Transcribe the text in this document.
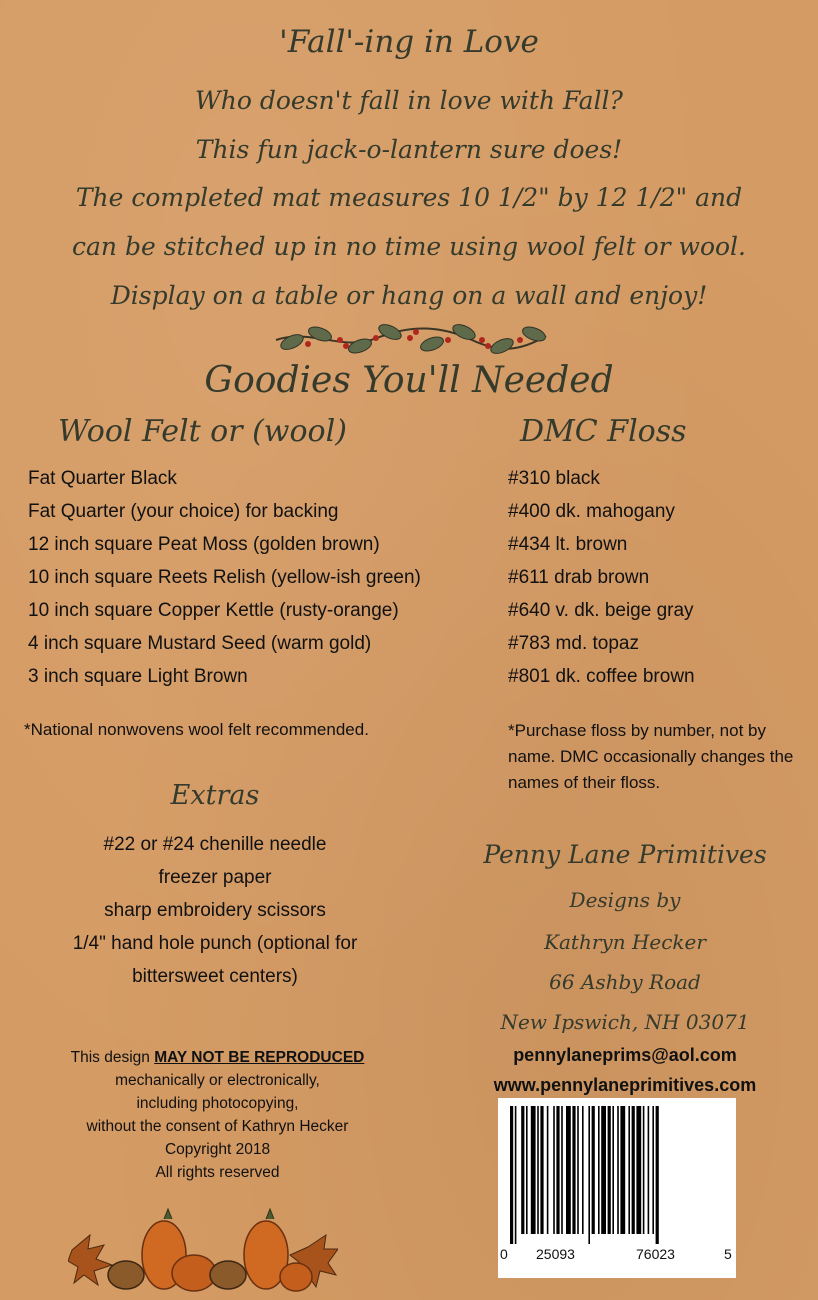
'Fall'-ing in Love
Who doesn't fall in love with Fall?
This fun jack-o-lantern sure does!
The completed mat measures 10 1/2" by 12 1/2" and
can be stitched up in no time using wool felt or wool.
Display on a table or hang on a wall and enjoy!
Goodies You'll Needed
Wool Felt or (wool)	DMC Floss
Fat Quarter Black
Fat Quarter (your choice) for backing
12 inch square Peat Moss (golden brown)
10 inch square Reets Relish (yellow-ish green)
10 inch square Copper Kettle (rusty-orange)
4 inch square Mustard Seed (warm gold)
3 inch square Light Brown
#310 black
#400 dk. mahogany
#434 lt. brown
#611 drab brown
#640 v. dk. beige gray
#783 md. topaz
#801 dk. coffee brown
*National nonwovens wool felt recommended.	*Purchase floss by number, not by name. DMC occasionally changes the names of their floss.
Extras
#22 or #24 chenille needle
freezer paper
sharp embroidery scissors
1/4" hand hole punch (optional for
bittersweet centers)
Penny Lane Primitives
Designs by
Kathryn Hecker
66 Ashby Road
New Ipswich, NH 03071
pennylaneprims@aol.com
www.pennylaneprimitives.com
This design MAY NOT BE REPRODUCED
mechanically or electronically,
including photocopying,
without the consent of Kathryn Hecker
Copyright 2018
All rights reserved
0 25093	76023	5
